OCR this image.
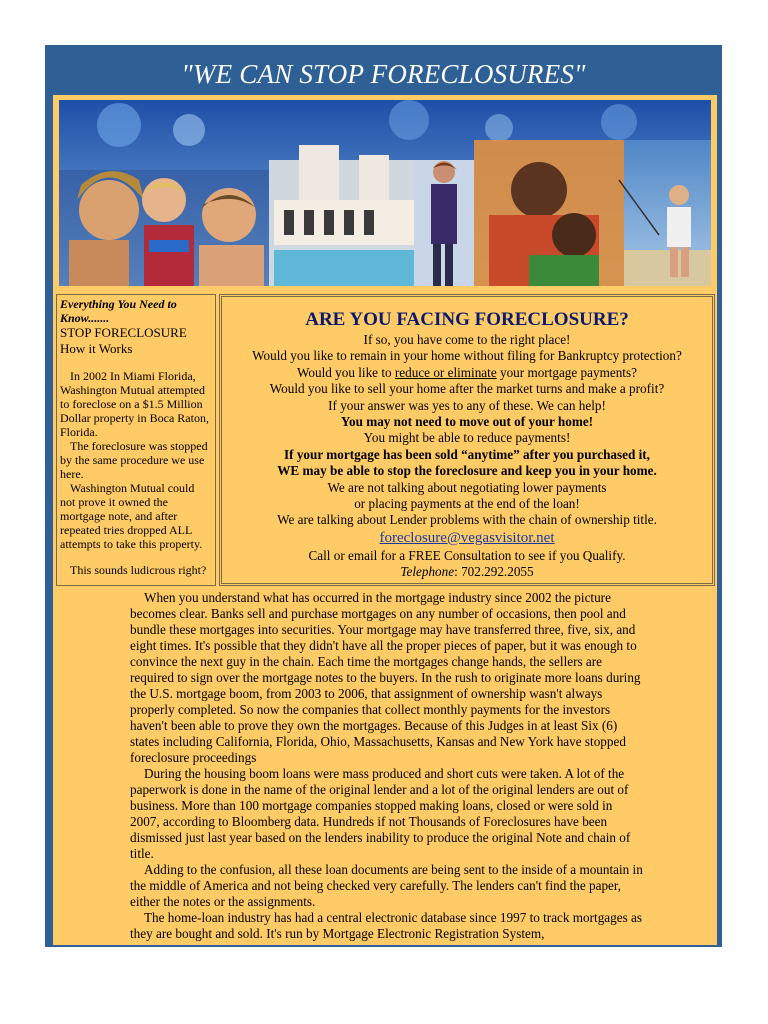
"WE CAN STOP FORECLOSURES"
Everything You Need to Know.......
STOP FORECLOSURE
How it Works

In 2002 In Miami Florida, Washington Mutual attempted to foreclose on a $1.5 Million Dollar property in Boca Raton, Florida.

The foreclosure was stopped by the same procedure we use here.

Washington Mutual could not prove it owned the mortgage note, and after repeated tries dropped ALL attempts to take this property.

This sounds ludicrous right?

ARE YOU FACING FORECLOSURE?
If so, you have come to the right place!
Would you like to remain in your home without filing for Bankruptcy protection?
Would you like to reduce or eliminate your mortgage payments?
Would you like to sell your home after the market turns and make a profit?
If your answer was yes to any of these. We can help!
You may not need to move out of your home!
You might be able to reduce payments!
If your mortgage has been sold “anytime” after you purchased it,
WE may be able to stop the foreclosure and keep you in your home.
We are not talking about negotiating lower payments
or placing payments at the end of the loan!
We are talking about Lender problems with the chain of ownership title.
foreclosure@vegasvisitor.net
Call or email for a FREE Consultation to see if you Qualify.
Telephone: 702.292.2055

When you understand what has occurred in the mortgage industry since 2002 the picture becomes clear. Banks sell and purchase mortgages on any number of occasions, then pool and bundle these mortgages into securities. Your mortgage may have transferred three, five, six, and eight times. It's possible that they didn't have all the proper pieces of paper, but it was enough to convince the next guy in the chain. Each time the mortgages change hands, the sellers are required to sign over the mortgage notes to the buyers. In the rush to originate more loans during the U.S. mortgage boom, from 2003 to 2006, that assignment of ownership wasn't always properly completed. So now the companies that collect monthly payments for the investors haven't been able to prove they own the mortgages. Because of this Judges in at least Six (6) states including California, Florida, Ohio, Massachusetts, Kansas and New York have stopped foreclosure proceedings

During the housing boom loans were mass produced and short cuts were taken. A lot of the paperwork is done in the name of the original lender and a lot of the original lenders are out of business. More than 100 mortgage companies stopped making loans, closed or were sold in 2007, according to Bloomberg data. Hundreds if not Thousands of Foreclosures have been dismissed just last year based on the lenders inability to produce the original Note and chain of title.

Adding to the confusion, all these loan documents are being sent to the inside of a mountain in the middle of America and not being checked very carefully. The lenders can't find the paper, either the notes or the assignments.

The home-loan industry has had a central electronic database since 1997 to track mortgages as they are bought and sold. It's run by Mortgage Electronic Registration System,
